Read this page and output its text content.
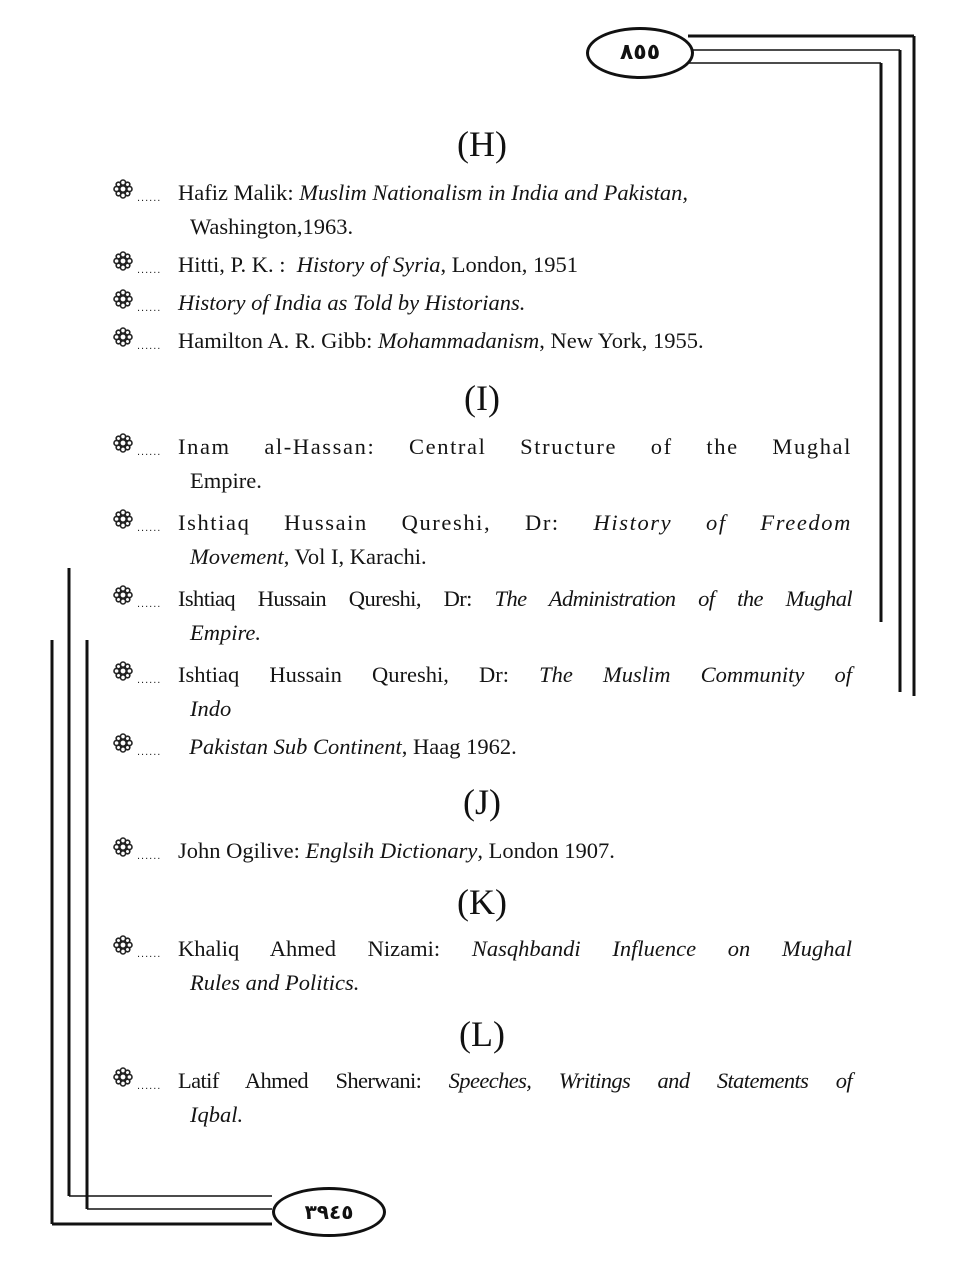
٨٥٥
٣٩٤٥
(H)
...... Hafiz Malik: Muslim Nationalism in India and Pakistan,
Washington,1963.
...... Hitti, P. K. : History of Syria, London, 1951
...... History of India as Told by Historians.
...... Hamilton A. R. Gibb: Mohammadanism, New York, 1955.
(I)
...... Inam al-Hassan: Central Structure of the Mughal
Empire.
...... Ishtiaq Hussain Qureshi, Dr: History of Freedom
Movement, Vol I, Karachi.
...... Ishtiaq Hussain Qureshi, Dr: The Administration of the Mughal
Empire.
...... Ishtiaq Hussain Qureshi, Dr: The Muslim Community of
Indo
......	Pakistan Sub Continent, Haag 1962.
(J)
...... John Ogilive: Englsih Dictionary, London 1907.
(K)
...... Khaliq Ahmed Nizami: Nasqhbandi Influence on Mughal
Rules and Politics.
(L)
...... Latif Ahmed Sherwani: Speeches, Writings and Statements of
Iqbal.
